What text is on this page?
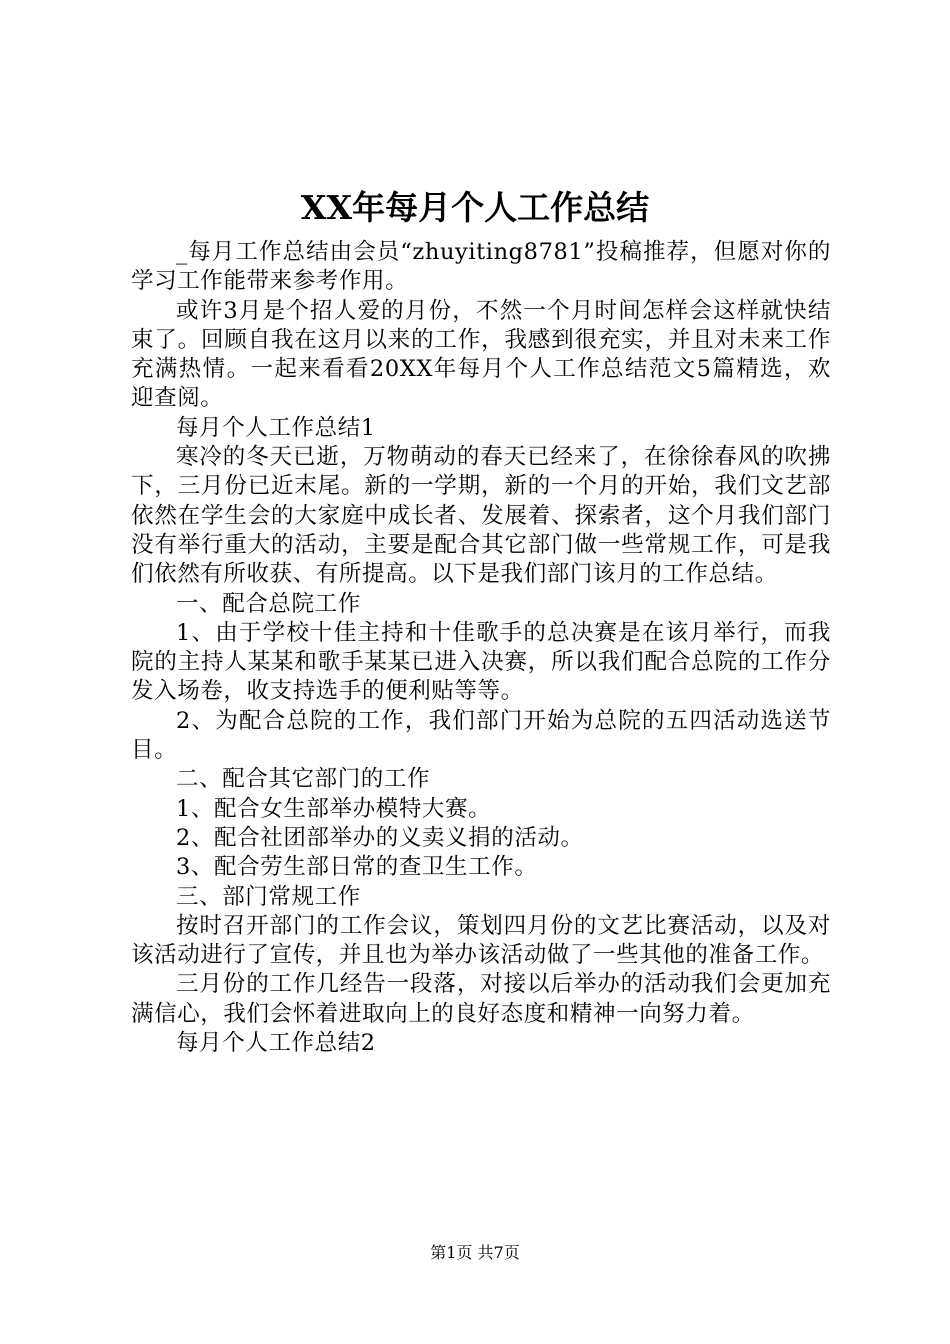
XX年每月个人工作总结

_每月工作总结由会员“zhuyiting8781”投稿推荐，但愿对你的学习工作能带来参考作用。

或许3月是个招人爱的月份，不然一个月时间怎样会这样就快结束了。回顾自我在这月以来的工作，我感到很充实，并且对未来工作充满热情。一起来看看20XX年每月个人工作总结范文5篇精选，欢迎查阅。

每月个人工作总结1

寒冷的冬天已逝，万物萌动的春天已经来了，在徐徐春风的吹拂下，三月份已近末尾。新的一学期，新的一个月的开始，我们文艺部依然在学生会的大家庭中成长者、发展着、探索者，这个月我们部门没有举行重大的活动，主要是配合其它部门做一些常规工作，可是我们依然有所收获、有所提高。以下是我们部门该月的工作总结。

一、配合总院工作

1、由于学校十佳主持和十佳歌手的总决赛是在该月举行，而我院的主持人某某和歌手某某已进入决赛，所以我们配合总院的工作分发入场卷，收支持选手的便利贴等等。

2、为配合总院的工作，我们部门开始为总院的五四活动选送节目。

二、配合其它部门的工作

1、配合女生部举办模特大赛。

2、配合社团部举办的义卖义捐的活动。

3、配合劳生部日常的查卫生工作。

三、部门常规工作

按时召开部门的工作会议，策划四月份的文艺比赛活动，以及对该活动进行了宣传，并且也为举办该活动做了一些其他的准备工作。

三月份的工作几经告一段落，对接以后举办的活动我们会更加充满信心，我们会怀着进取向上的良好态度和精神一向努力着。

每月个人工作总结2

第1页 共7页
